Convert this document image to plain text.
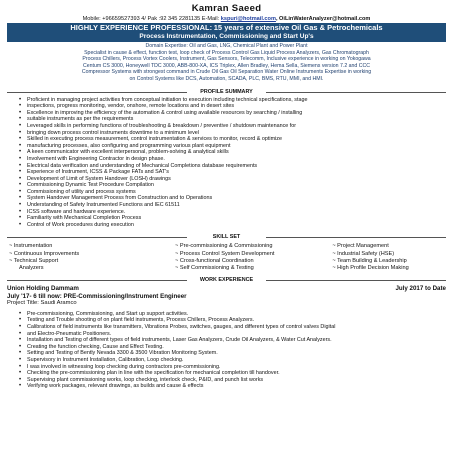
Kamran Saeed
Mobile: +96659527393 4/ Pak :92 345 2281135 E-Mail: kspuri@hotmail.com, OiLinWaterAnalyzer@hotmail.com
HIGHLY EXPERIENCE PROFESSIONAL: 15 years of extensive Oil Gas & Petrochemicals
Process Instrumentation, Commissioning and Start Up's
Domain Expertise: Oil and Gas, LNG, Chemical Plant and Power Plant
Specialist in cause & effect, function test, loop check of Process Control Gas Liquid Process Analyzers, Gas Chromatograph
Process Chillers, Process Vortex Coolers, Instrument, Gas Sensors, Telecomm, Inclusive experience in working on Yokogawa
Centum CS 3000, Honeywell TDC 3000, ABB-800-XA, ICS Triplex, Allen Bradley, Hema Sella, Siemens version 7.2 and CCC
Compressor Systems with strongest command in Crude Oil Gas Oil Separation Water Online Instruments Expertise in working
on Control Systems like DCS, Automation, SCADA, PLC, BMS, RTU, MMI, and HMI.
PROFILE SUMMARY
• Proficient in managing project activities from conceptual initiation to execution including technical specifications, stage
• inspections, progress monitoring, vendor, onshore, remote locations and in desert sites
• Excellence in improving the efficiency of the automation & control using available resources by searching / installing
• suitable instruments as per the requirements
• Leveraged skills in performing functions of troubleshooting & breakdown / preventive / shutdown maintenance for
• bringing down process control instruments downtime to a minimum level
• Skilled in executing process measurement, control instrumentation & services to monitor, record & optimize
• manufacturing processes, also configuring and programming various plant equipment
• A keen communicator with excellent interpersonal, problem-solving & analytical skills
• Involvement with Engineering Contractor in design phase.
• Electrical data verification and understanding of Mechanical Completions database requirements
• Experience of Instrument, ICSS & Package FATs and SAT's
• Development of Limit of System Handover (LOSH) drawings
• Commissioning Dynamic Test Procedure Compilation
• Commissioning of utility and process systems
• System Handover Management Process from Construction and to Operations
• Understanding of Safety Instrumented Functions and IEC 61511
• ICSS software and hardware experience.
• Familiarity with Mechanical Completion Process
• Control of Work procedures during execution
SKILL SET
~ Instrumentation	~ Pre-commissioning & Commissioning	~ Project Management
~ Continuous Improvements	~ Process Control System Development	~ Industrial Safety (HSE)
~ Technical Support	~ Cross-functional Coordination	~ Team Building & Leadership
Analyzers	~ Self Commissioning & Testing	~ High Profile Decision Making
WORK EXPERIENCE
Union Holding Dammam	July 2017 to Date
July '17- 6 till now: PRE-Commissioning/Instrument Engineer
Project Title: Saudi Aramco
• Pre-commissioning, Commissioning, and Start up support activities.
• Testing and Trouble shooting of on plant field instruments, Process Chillers, Process Analyzers.
• Calibrations of field instruments like transmitters, Vibrations Probes, switches, gauges, and different types of control valves Digital
• and Electro-Pneumatic Positioners.
• Installation and Testing of different types of field instruments, Laser Gas Analyzers, Crude Oil Analyzers, & Water Cut Analyzers.
• Creating the function checking, Cause and Effect Testing.
• Setting and Testing of Bently Nevada 3300 & 3500 Vibration Monitoring System.
• Supervisory in Instrument Installation, Calibration, Loop checking.
• I was involved in witnessing loop checking during contractors pre-commissioning.
• Checking the pre-commissioning plan in line with the specification for mechanical completion till handover.
• Supervising plant commissioning works, loop checking, interlock check, P&ID, and punch list works
• Verifying work packages, relevant drawings, as builds and cause & effects
